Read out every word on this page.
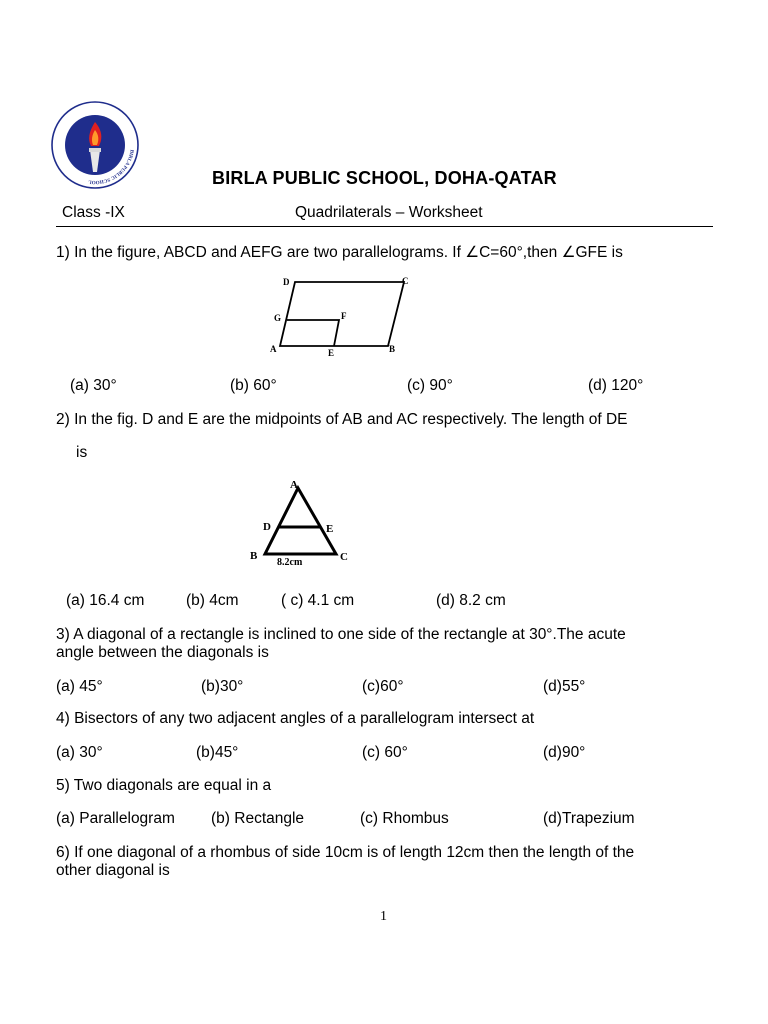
BIRLA PUBLIC SCHOOL	BIRLA PUBLIC SCHOOL, DOHA-QATAR
Class -IX	Quadrilaterals – Worksheet
1) In the figure, ABCD and AEFG are two parallelograms. If ∠C=60°,then ∠GFE is
D	C
G	F
A	E	B
(a) 30°	(b) 60°	(c) 90°	(d) 120°
2) In the fig. D and E are the midpoints of AB and AC respectively. The length of DE
is
A
D	E
B	C
8.2cm
(a) 16.4 cm	(b) 4cm	( c) 4.1 cm	(d) 8.2 cm
3) A diagonal of a rectangle is inclined to one side of the rectangle at 30°.The acute
angle between the diagonals is
(a) 45°	(b)30°	(c)60°	(d)55°
4) Bisectors of any two adjacent angles of a parallelogram intersect at
(a) 30°	(b)45°	(c) 60°	(d)90°
5) Two diagonals are equal in a
(a) Parallelogram (b) Rectangle	(c) Rhombus	(d)Trapezium
6) If one diagonal of a rhombus of side 10cm is of length 12cm then the length of the
other diagonal is
1
